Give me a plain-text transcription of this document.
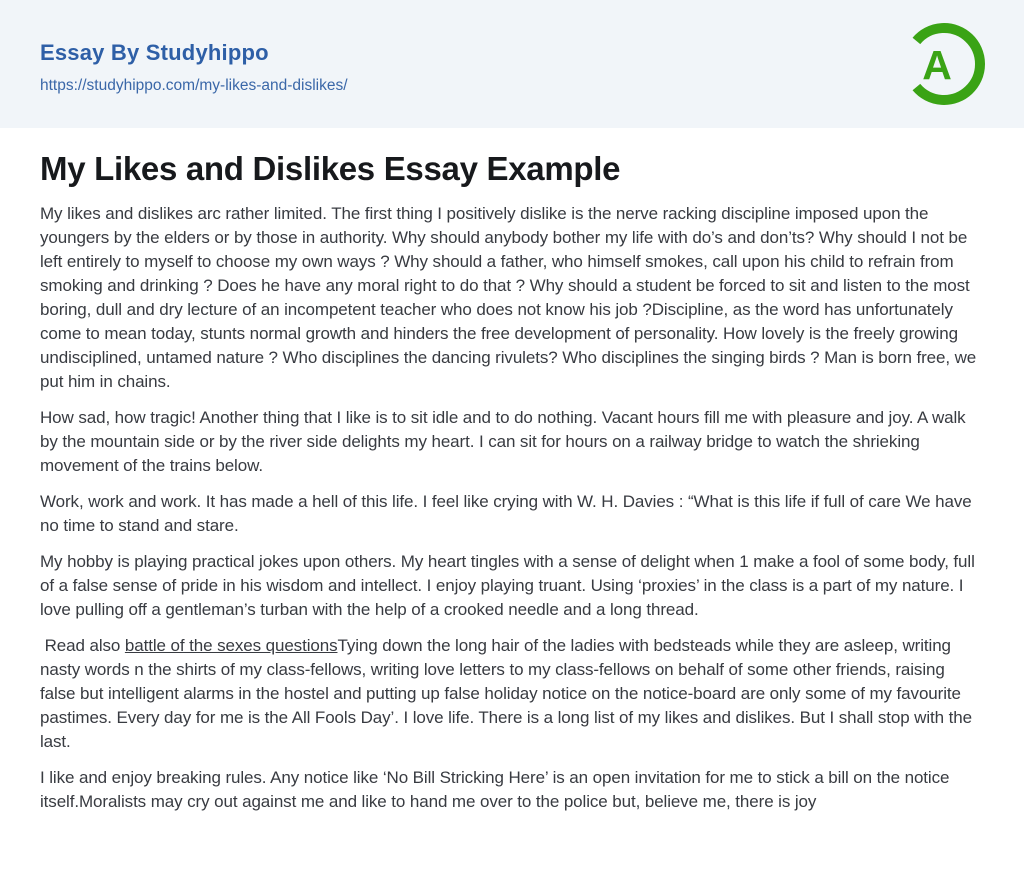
Essay By Studyhippo
https://studyhippo.com/my-likes-and-dislikes/	A
My Likes and Dislikes Essay Example

My likes and dislikes arc rather limited. The first thing I positively dislike is the nerve racking discipline imposed upon the youngers by the elders or by those in authority. Why should anybody bother my life with do’s and don’ts? Why should I not be left entirely to myself to choose my own ways ? Why should a father, who himself smokes, call upon his child to refrain from smoking and drinking ? Does he have any moral right to do that ? Why should a student be forced to sit and listen to the most boring, dull and dry lecture of an incompetent teacher who does not know his job ?Discipline, as the word has unfortunately come to mean today, stunts normal growth and hinders the free development of personality. How lovely is the freely growing undisciplined, untamed nature ? Who disciplines the dancing rivulets? Who disciplines the singing birds ? Man is born free, we put him in chains.

How sad, how tragic! Another thing that I like is to sit idle and to do nothing. Vacant hours fill me with pleasure and joy. A walk by the mountain side or by the river side delights my heart. I can sit for hours on a railway bridge to watch the shrieking movement of the trains below.

Work, work and work. It has made a hell of this life. I feel like crying with W. H. Davies : “What is this life if full of care We have no time to stand and stare.

My hobby is playing practical jokes upon others. My heart tingles with a sense of delight when 1 make a fool of some body, full of a false sense of pride in his wisdom and intellect. I enjoy playing truant. Using ‘proxies’ in the class is a part of my nature. I love pulling off a gentleman’s turban with the help of a crooked needle and a long thread.

Read also battle of the sexes questionsTying down the long hair of the ladies with bedsteads while they are asleep, writing nasty words n the shirts of my class-fellows, writing love letters to my class-fellows on behalf of some other friends, raising false but intelligent alarms in the hostel and putting up false holiday notice on the notice-board are only some of my favourite pastimes. Every day for me is the All Fools Day’. I love life. There is a long list of my likes and dislikes. But I shall stop with the last.

I like and enjoy breaking rules. Any notice like ‘No Bill Stricking Here’ is an open invitation for me to stick a bill on the notice itself.Moralists may cry out against me and like to hand me over to the police but, believe me, there is joy
